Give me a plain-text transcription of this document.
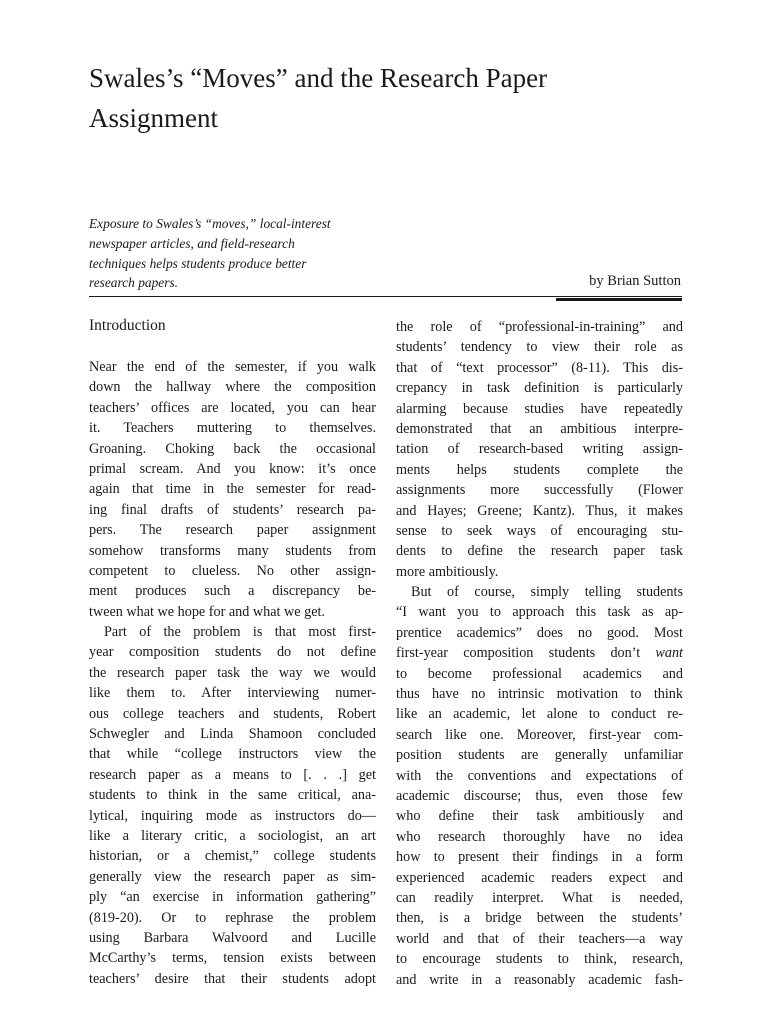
Swales’s “Moves” and the Research Paper
Assignment
Exposure to Swales’s “moves,” local-interest
newspaper articles, and field-research
techniques helps students produce better
research papers.	by Brian Sutton
Introduction
Near the end of the semester, if you walk
down the hallway where the composition
teachers’ offices are located, you can hear
it. Teachers muttering to themselves.
Groaning. Choking back the occasional
primal scream. And you know: it’s once
again that time in the semester for read-
ing final drafts of students’ research pa-
pers. The research paper assignment
somehow transforms many students from
competent to clueless. No other assign-
ment produces such a discrepancy be-
tween what we hope for and what we get.
Part of the problem is that most first-
year composition students do not define
the research paper task the way we would
like them to. After interviewing numer-
ous college teachers and students, Robert
Schwegler and Linda Shamoon concluded
that while “college instructors view the
research paper as a means to [. . .] get
students to think in the same critical, ana-
lytical, inquiring mode as instructors do—
like a literary critic, a sociologist, an art
historian, or a chemist,” college students
generally view the research paper as sim-
ply “an exercise in information gathering”
(819-20). Or to rephrase the problem
using Barbara Walvoord and Lucille
McCarthy’s terms, tension exists between
teachers’ desire that their students adopt
the role of “professional-in-training” and
students’ tendency to view their role as
that of “text processor” (8-11). This dis-
crepancy in task definition is particularly
alarming because studies have repeatedly
demonstrated that an ambitious interpre-
tation of research-based writing assign-
ments helps students complete the
assignments more successfully (Flower
and Hayes; Greene; Kantz). Thus, it makes
sense to seek ways of encouraging stu-
dents to define the research paper task
more ambitiously.
But of course, simply telling students
“I want you to approach this task as ap-
prentice academics” does no good. Most
first-year composition students don’t want
to become professional academics and
thus have no intrinsic motivation to think
like an academic, let alone to conduct re-
search like one. Moreover, first-year com-
position students are generally unfamiliar
with the conventions and expectations of
academic discourse; thus, even those few
who define their task ambitiously and
who research thoroughly have no idea
how to present their findings in a form
experienced academic readers expect and
can readily interpret. What is needed,
then, is a bridge between the students’
world and that of their teachers—a way
to encourage students to think, research,
and write in a reasonably academic fash-
